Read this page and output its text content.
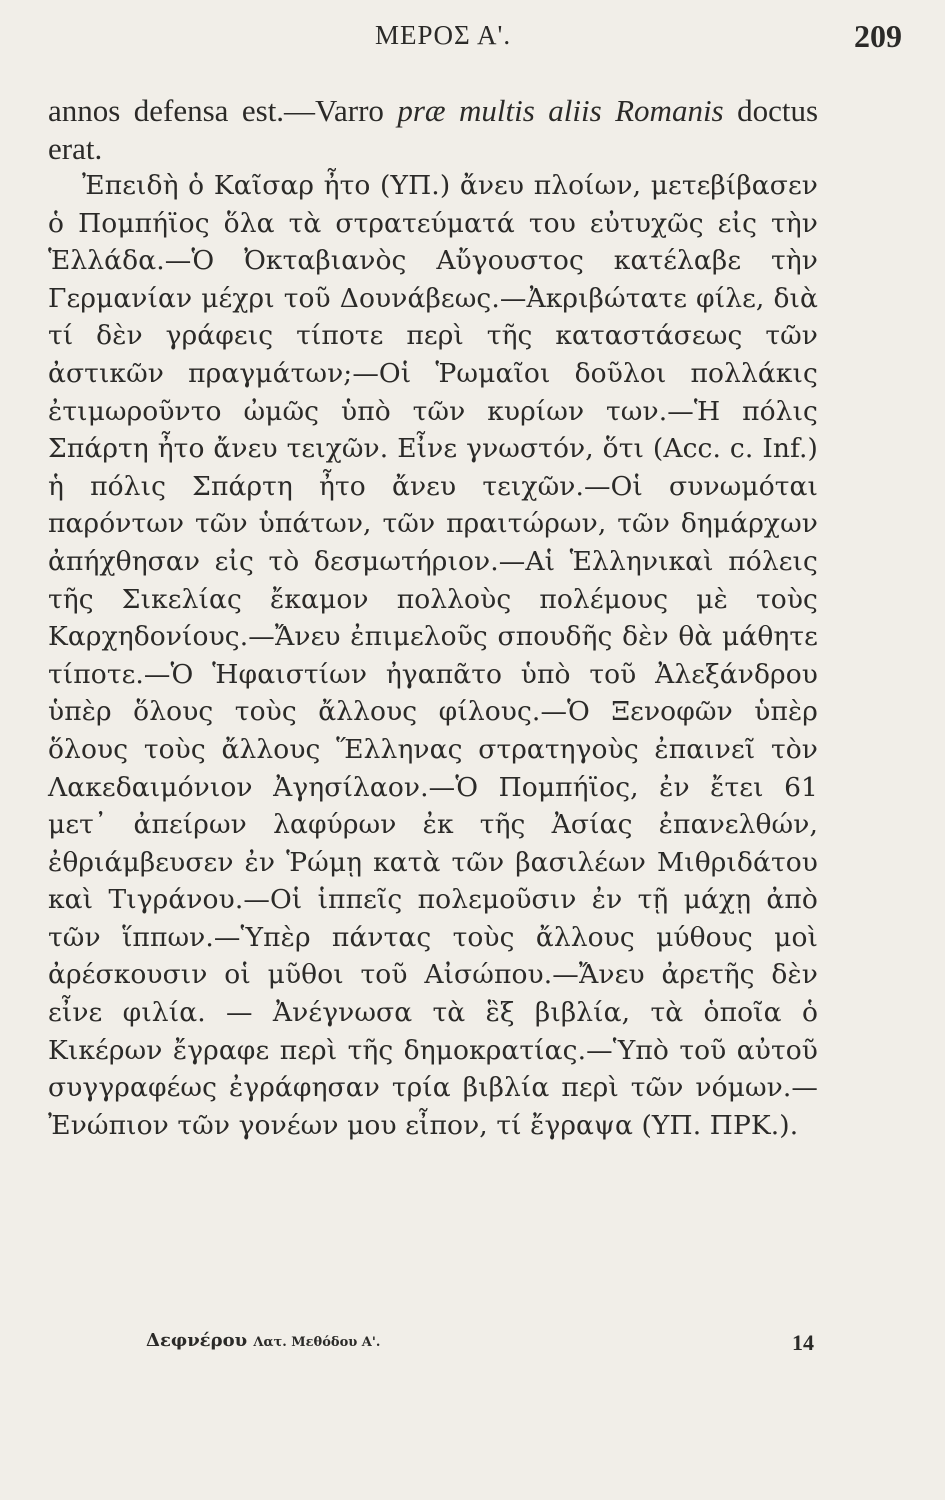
ΜΕΡΟΣ Α'.	209

annos defensa est.—Varro præ multis aliis Romanis doctus erat.

Ἐπειδὴ ὁ Καῖσαρ ἦτο (ΥΠ.) ἄνευ πλοίων, μετεβίβασεν ὁ Πομπήϊος ὅλα τὰ στρατεύματά του εὐτυχῶς εἰς τὴν Ἑλλάδα.—Ὁ Ὀκταβιανὸς Αὔγουστος κατέλαβε τὴν Γερμανίαν μέχρι τοῦ Δουνάβεως.—Ἀκριβώτατε φίλε, διὰ τί δὲν γράφεις τίποτε περὶ τῆς καταστάσεως τῶν ἀστικῶν πραγμάτων;—Οἱ Ῥωμαῖοι δοῦλοι πολλάκις ἐτιμωροῦντο ὠμῶς ὑπὸ τῶν κυρίων των.—Ἡ πόλις Σπάρτη ἦτο ἄνευ τειχῶν. Εἶνε γνωστόν, ὅτι (Acc. c. Inf.) ἡ πόλις Σπάρτη ἦτο ἄνευ τειχῶν.—Οἱ συνωμόται παρόντων τῶν ὑπάτων, τῶν πραιτώρων, τῶν δημάρχων ἀπήχθησαν εἰς τὸ δεσμωτήριον.—Αἱ Ἑλληνικαὶ πόλεις τῆς Σικελίας ἔκαμον πολλοὺς πολέμους μὲ τοὺς Καρχηδονίους.—Ἄνευ ἐπιμελοῦς σπουδῆς δὲν θὰ μάθητε τίποτε.—Ὁ Ἡφαιστίων ἠγαπᾶτο ὑπὸ τοῦ Ἀλεξάνδρου ὑπὲρ ὅλους τοὺς ἄλλους φίλους.—Ὁ Ξενοφῶν ὑπὲρ ὅλους τοὺς ἄλλους Ἕλληνας στρατηγοὺς ἐπαινεῖ τὸν Λακεδαιμόνιον Ἀγησίλαον.—Ὁ Πομπήϊος, ἐν ἔτει 61 μετ᾽ ἀπείρων λαφύρων ἐκ τῆς Ἀσίας ἐπανελθών, ἐθριάμβευσεν ἐν Ῥώμῃ κατὰ τῶν βασιλέων Μιθριδάτου καὶ Τιγράνου.—Οἱ ἱππεῖς πολεμοῦσιν ἐν τῇ μάχῃ ἀπὸ τῶν ἵππων.—Ὑπὲρ πάντας τοὺς ἄλλους μύθους μοὶ ἀρέσκουσιν οἱ μῦθοι τοῦ Αἰσώπου.—Ἄνευ ἀρετῆς δὲν εἶνε φιλία. — Ἀνέγνωσα τὰ ἓξ βιβλία, τὰ ὁποῖα ὁ Κικέρων ἔγραφε περὶ τῆς δημοκρατίας.—Ὑπὸ τοῦ αὐτοῦ συγγραφέως ἐγράφησαν τρία βιβλία περὶ τῶν νόμων.—Ἐνώπιον τῶν γονέων μου εἶπον, τί ἔγραψα (ΥΠ. ΠΡΚ.).

Δεφνέρου Λατ. Μεθόδου Α'.	14
